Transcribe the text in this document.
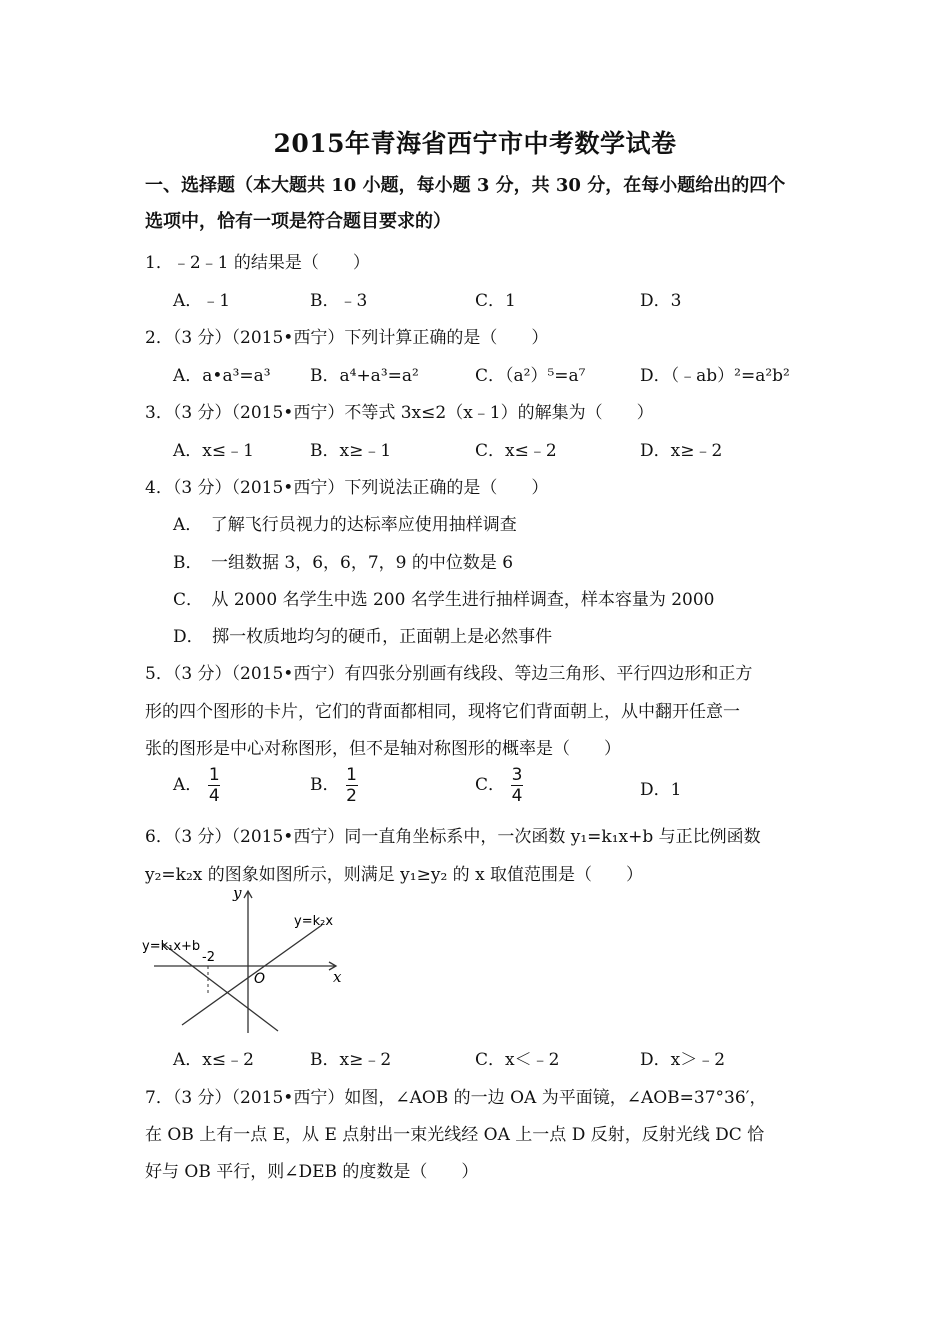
2015年青海省西宁市中考数学试卷
一、选择题（本大题共 10 小题，每小题 3 分，共 30 分，在每小题给出的四个
选项中，恰有一项是符合题目要求的）
1．﹣2﹣1 的结果是（　　）
A．﹣1	B．﹣3	C．1	D．3
2．（3 分）（2015•西宁）下列计算正确的是（　　）
A．a•a³=a³ B．a⁴+a³=a²	C．（a²）⁵=a⁷	D．（﹣ab）²=a²b²
3．（3 分）（2015•西宁）不等式 3x≤2（x﹣1）的解集为（　　）
A．x≤﹣1	B．x≥﹣1	C．x≤﹣2	D．x≥﹣2
4．（3 分）（2015•西宁）下列说法正确的是（　　）
A．　了解飞行员视力的达标率应使用抽样调查
B．　一组数据 3，6，6，7，9 的中位数是 6
C．　从 2000 名学生中选 200 名学生进行抽样调查，样本容量为 2000
D．　掷一枚质地均匀的硬币，正面朝上是必然事件
5．（3 分）（2015•西宁）有四张分别画有线段、等边三角形、平行四边形和正方
形的四个图形的卡片，它们的背面都相同，现将它们背面朝上，从中翻开任意一
张的图形是中心对称图形，但不是轴对称图形的概率是（　　）
A． $\frac{1}{4}$	B． $\frac{1}{2}$	C． $\frac{3}{4}$	D．1
6．（3 分）（2015•西宁）同一直角坐标系中，一次函数 y₁=k₁x+b 与正比例函数
y₂=k₂x 的图象如图所示，则满足 y₁≥y₂ 的 x 取值范围是（　　）
y
x
O
-2
y=k₁x+b
y=k₂x
A．x≤﹣2	B．x≥﹣2	C．x＜﹣2	D．x＞﹣2
7．（3 分）（2015•西宁）如图，∠AOB 的一边 OA 为平面镜，∠AOB=37°36′，
在 OB 上有一点 E，从 E 点射出一束光线经 OA 上一点 D 反射，反射光线 DC 恰
好与 OB 平行，则∠DEB 的度数是（　　）
